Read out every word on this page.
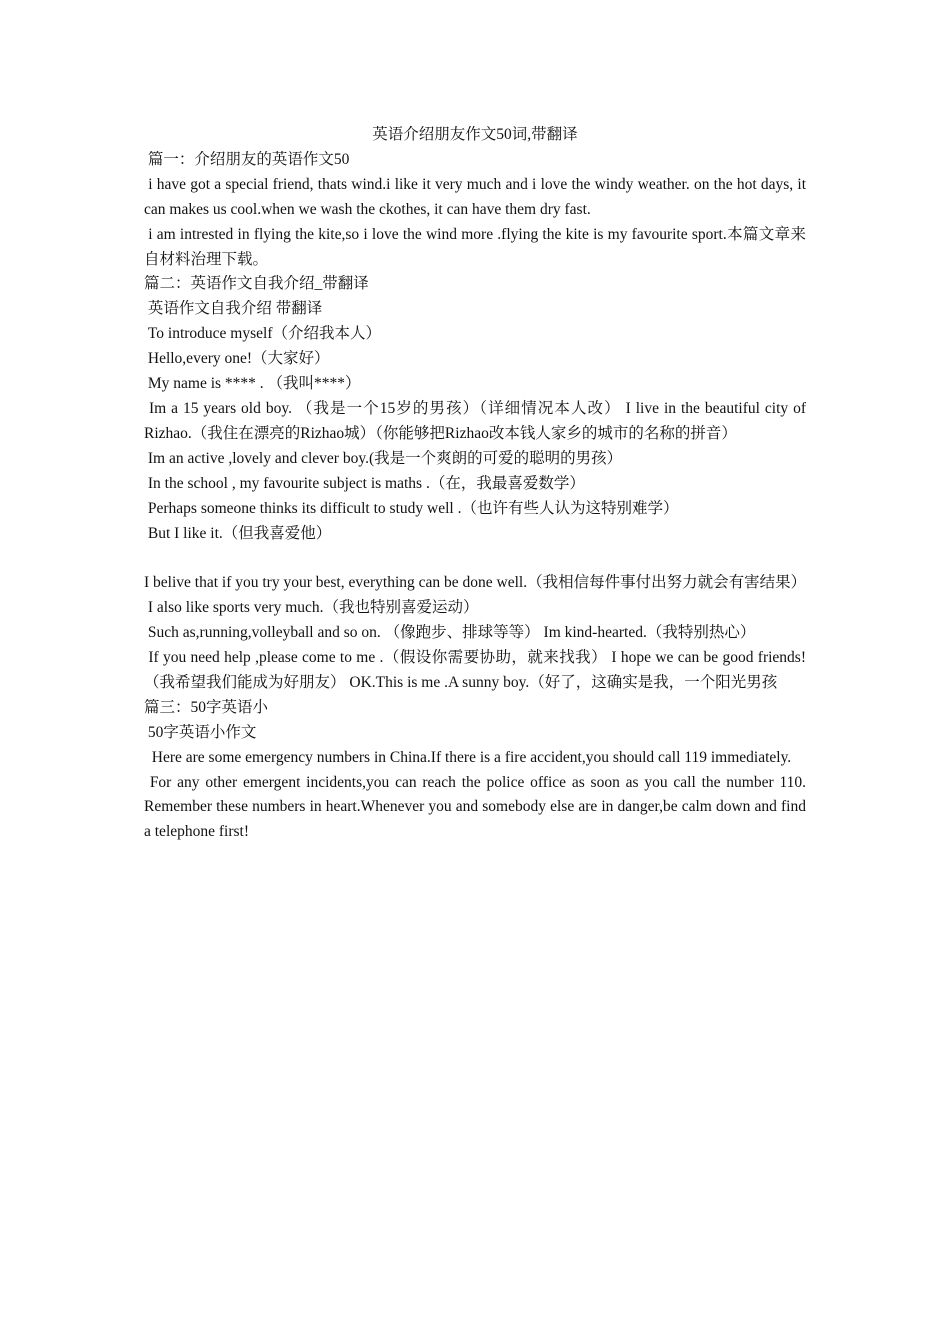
英语介绍朋友作文50词,带翻译

篇一：介绍朋友的英语作文50

i have got a special friend, thats wind.i like it very much and i love the windy weather. on the hot days, it can makes us cool.when we wash the ckothes, it can have them dry fast.

i am intrested in flying the kite,so i love the wind more .flying the kite is my favourite sport.本篇文章来自材料治理下载。

篇二：英语作文自我介绍_带翻译

英语作文自我介绍 带翻译

To introduce myself（介绍我本人）

Hello,every one!（大家好）

My name is **** . （我叫****）

Im a 15 years old boy. （我是一个15岁的男孩）（详细情况本人改） I live in the beautiful city of Rizhao.（我住在漂亮的Rizhao城）（你能够把Rizhao改本钱人家乡的城市的名称的拼音）

Im an active ,lovely and clever boy.(我是一个爽朗的可爱的聪明的男孩）

In the school , my favourite subject is maths .（在，我最喜爱数学）

Perhaps someone thinks its difficult to study well .（也许有些人认为这特别难学）

But I like it.（但我喜爱他）

I belive that if you try your best, everything can be done well.（我相信每件事付出努力就会有害结果）

I also like sports very much.（我也特别喜爱运动）

Such as,running,volleyball and so on. （像跑步、排球等等） Im kind-hearted.（我特别热心）

If you need help ,please come to me .（假设你需要协助，就来找我） I hope we can be good friends!（我希望我们能成为好朋友） OK.This is me .A sunny boy.（好了，这确实是我，一个阳光男孩

篇三：50字英语小

50字英语小作文

Here are some emergency numbers in China.If there is a fire accident,you should call 119 immediately.

For any other emergent incidents,you can reach the police office as soon as you call the number 110. Remember these numbers in heart.Whenever you and somebody else are in danger,be calm down and find a telephone first!
